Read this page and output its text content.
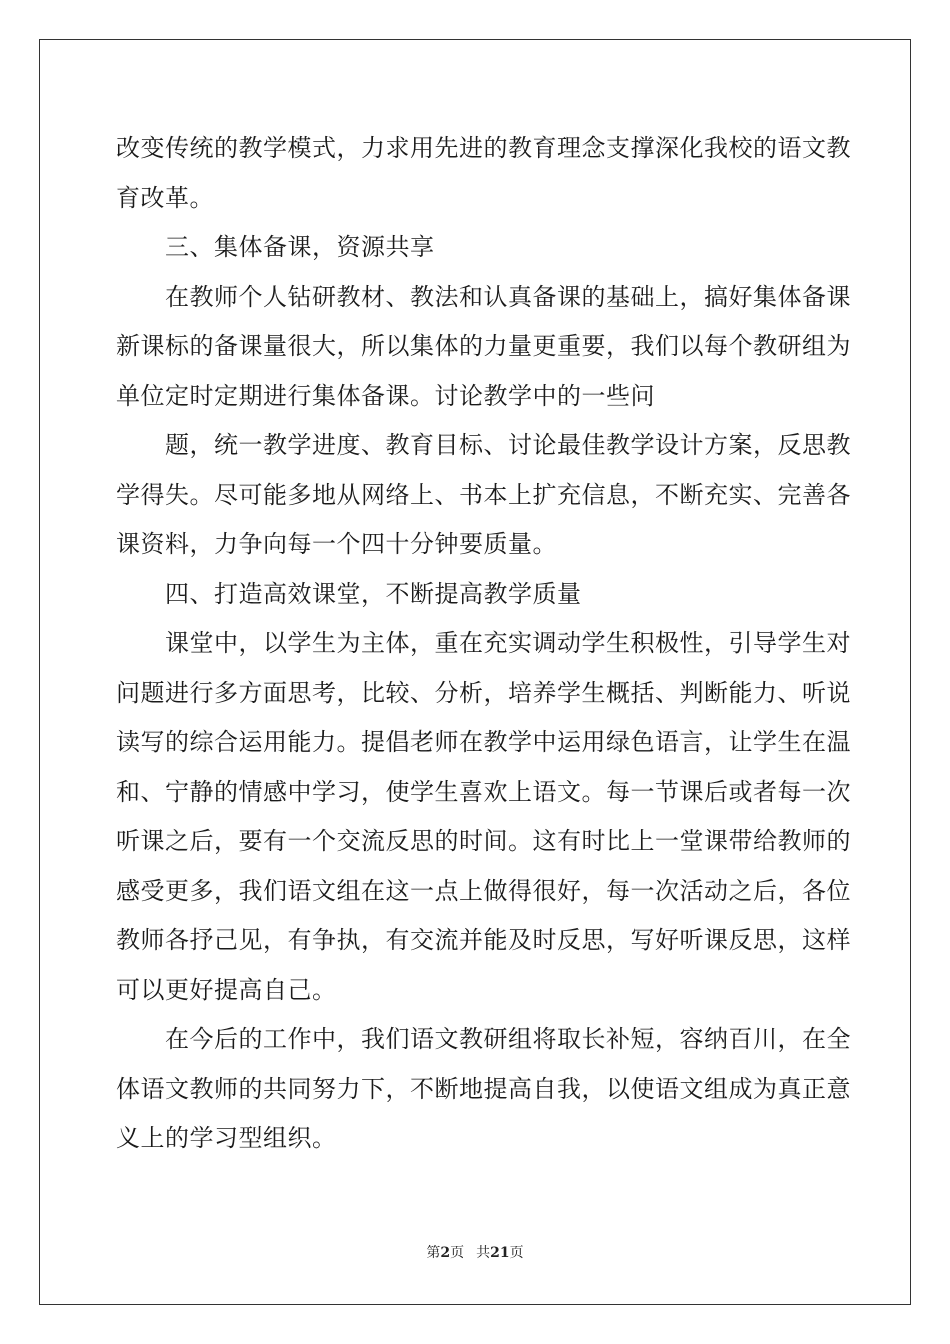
改变传统的教学模式，力求用先进的教育理念支撑深化我校的语文教
育改革。
三、集体备课，资源共享
在教师个人钻研教材、教法和认真备课的基础上，搞好集体备课
新课标的备课量很大，所以集体的力量更重要，我们以每个教研组为
单位定时定期进行集体备课。讨论教学中的一些问
题，统一教学进度、教育目标、讨论最佳教学设计方案，反思教
学得失。尽可能多地从网络上、书本上扩充信息，不断充实、完善各
课资料，力争向每一个四十分钟要质量。
四、打造高效课堂，不断提高教学质量
课堂中，以学生为主体，重在充实调动学生积极性，引导学生对
问题进行多方面思考，比较、分析，培养学生概括、判断能力、听说
读写的综合运用能力。提倡老师在教学中运用绿色语言，让学生在温
和、宁静的情感中学习，使学生喜欢上语文。每一节课后或者每一次
听课之后，要有一个交流反思的时间。这有时比上一堂课带给教师的
感受更多，我们语文组在这一点上做得很好，每一次活动之后，各位
教师各抒己见，有争执，有交流并能及时反思，写好听课反思，这样
可以更好提高自己。
在今后的工作中，我们语文教研组将取长补短，容纳百川，在全
体语文教师的共同努力下，不断地提高自我，以使语文组成为真正意
义上的学习型组织。
第2页 共21页
